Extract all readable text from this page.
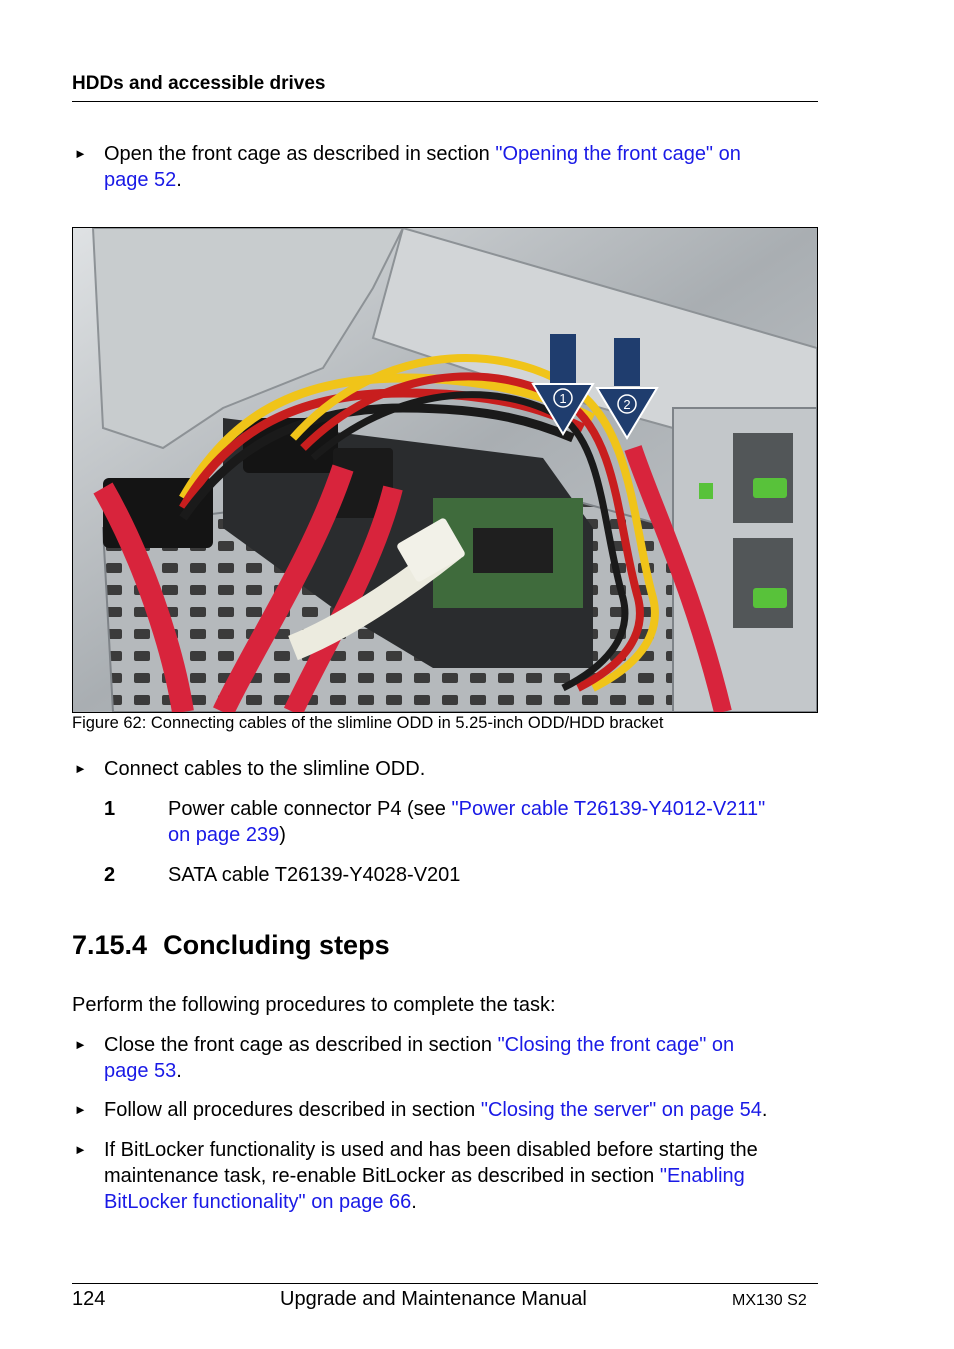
HDDs and accessible drives
► Open the front cage as described in section "Opening the front cage" on
page 52.
1	2
Figure 62: Connecting cables of the slimline ODD in 5.25-inch ODD/HDD bracket
► Connect cables to the slimline ODD.
1	Power cable connector P4 (see "Power cable T26139-Y4012-V211"
on page 239)
2	SATA cable T26139-Y4028-V201
7.15.4 Concluding steps
Perform the following procedures to complete the task:
► Close the front cage as described in section "Closing the front cage" on
page 53.
► Follow all procedures described in section "Closing the server" on page 54.
► If BitLocker functionality is used and has been disabled before starting the
maintenance task, re-enable BitLocker as described in section "Enabling
BitLocker functionality" on page 66.
124	Upgrade and Maintenance Manual	MX130 S2
